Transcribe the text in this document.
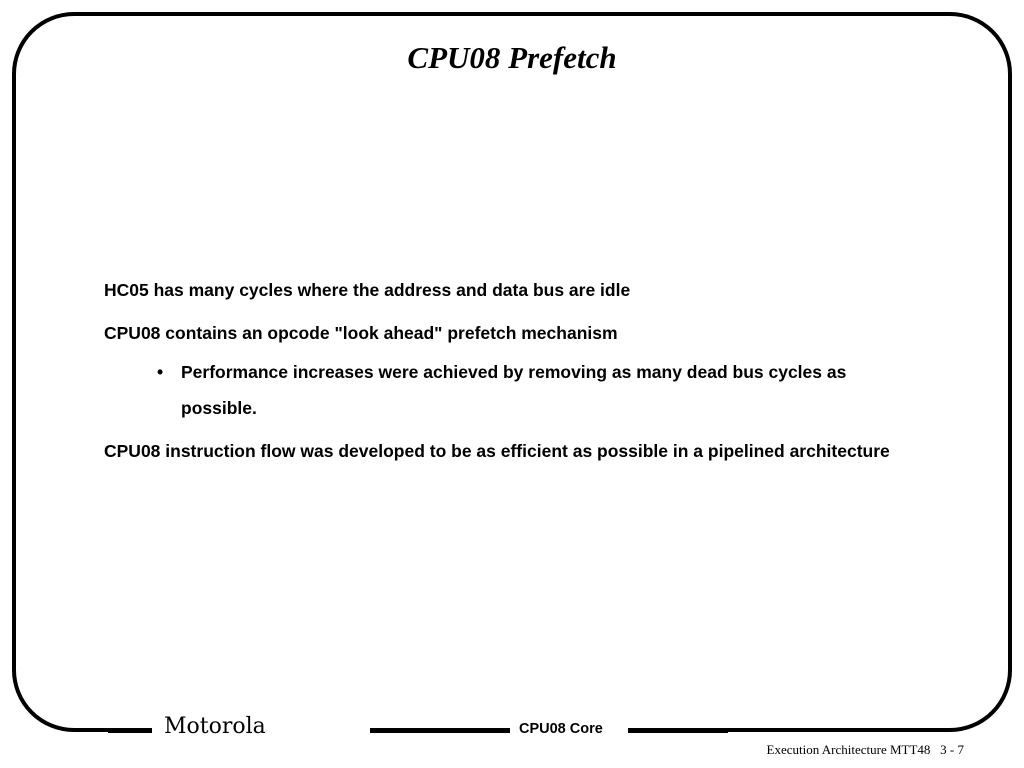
CPU08 Prefetch

HC05 has many cycles where the address and data bus are idle

CPU08 contains an opcode "look ahead" prefetch mechanism

• Performance increases were achieved by removing as many dead bus cycles as possible.

CPU08 instruction flow was developed to be as efficient as possible in a pipelined architecture

Motorola	CPU08 Core
Execution Architecture MTT48 3 - 7
